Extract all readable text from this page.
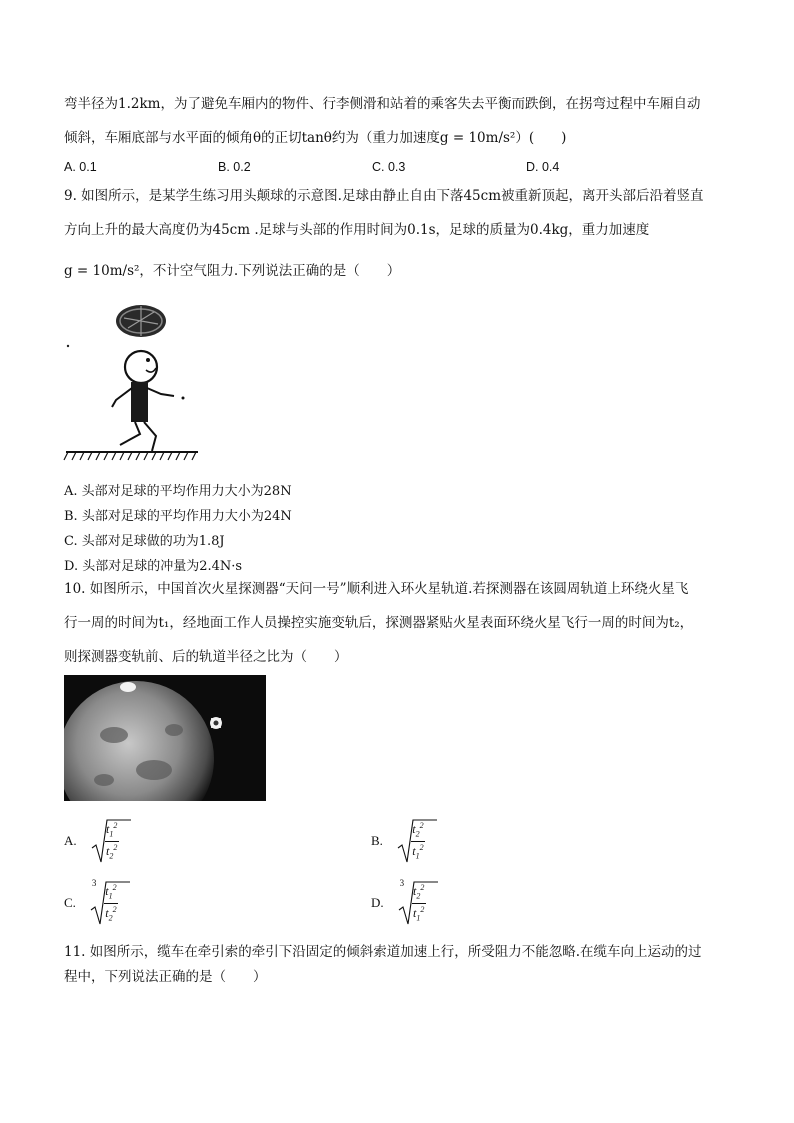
弯半径为1.2km，为了避免车厢内的物件、行李侧滑和站着的乘客失去平衡而跌倒，在拐弯过程中车厢自动
倾斜，车厢底部与水平面的倾角θ的正切tanθ约为（重力加速度g = 10m/s²）(　　)
A. 0.1	B. 0.2	C. 0.3	D. 0.4
9. 如图所示，是某学生练习用头颠球的示意图.足球由静止自由下落45cm被重新顶起，离开头部后沿着竖直
方向上升的最大高度仍为45cm .足球与头部的作用时间为0.1s，足球的质量为0.4kg，重力加速度
g = 10m/s²，不计空气阻力.下列说法正确的是（　　）
A. 头部对足球的平均作用力大小为28N
B. 头部对足球的平均作用力大小为24N
C. 头部对足球做的功为1.8J
D. 头部对足球的冲量为2.4N·s
10. 如图所示，中国首次火星探测器“天问一号”顺利进入环火星轨道.若探测器在该圆周轨道上环绕火星飞
行一周的时间为t₁，经地面工作人员操控实施变轨后，探测器紧贴火星表面环绕火星飞行一周的时间为t₂，
则探测器变轨前、后的轨道半径之比为（　　）
A. $\frac{t_1^2}{t_2^2}$	B. $\frac{t_2^2}{t_1^2}$
C.
3
$\frac{t_1^2}{t_2^2}$	D.
3
$\frac{t_2^2}{t_1^2}$
11. 如图所示，缆车在牵引索的牵引下沿固定的倾斜索道加速上行，所受阻力不能忽略.在缆车向上运动的过
程中，下列说法正确的是（　　）
